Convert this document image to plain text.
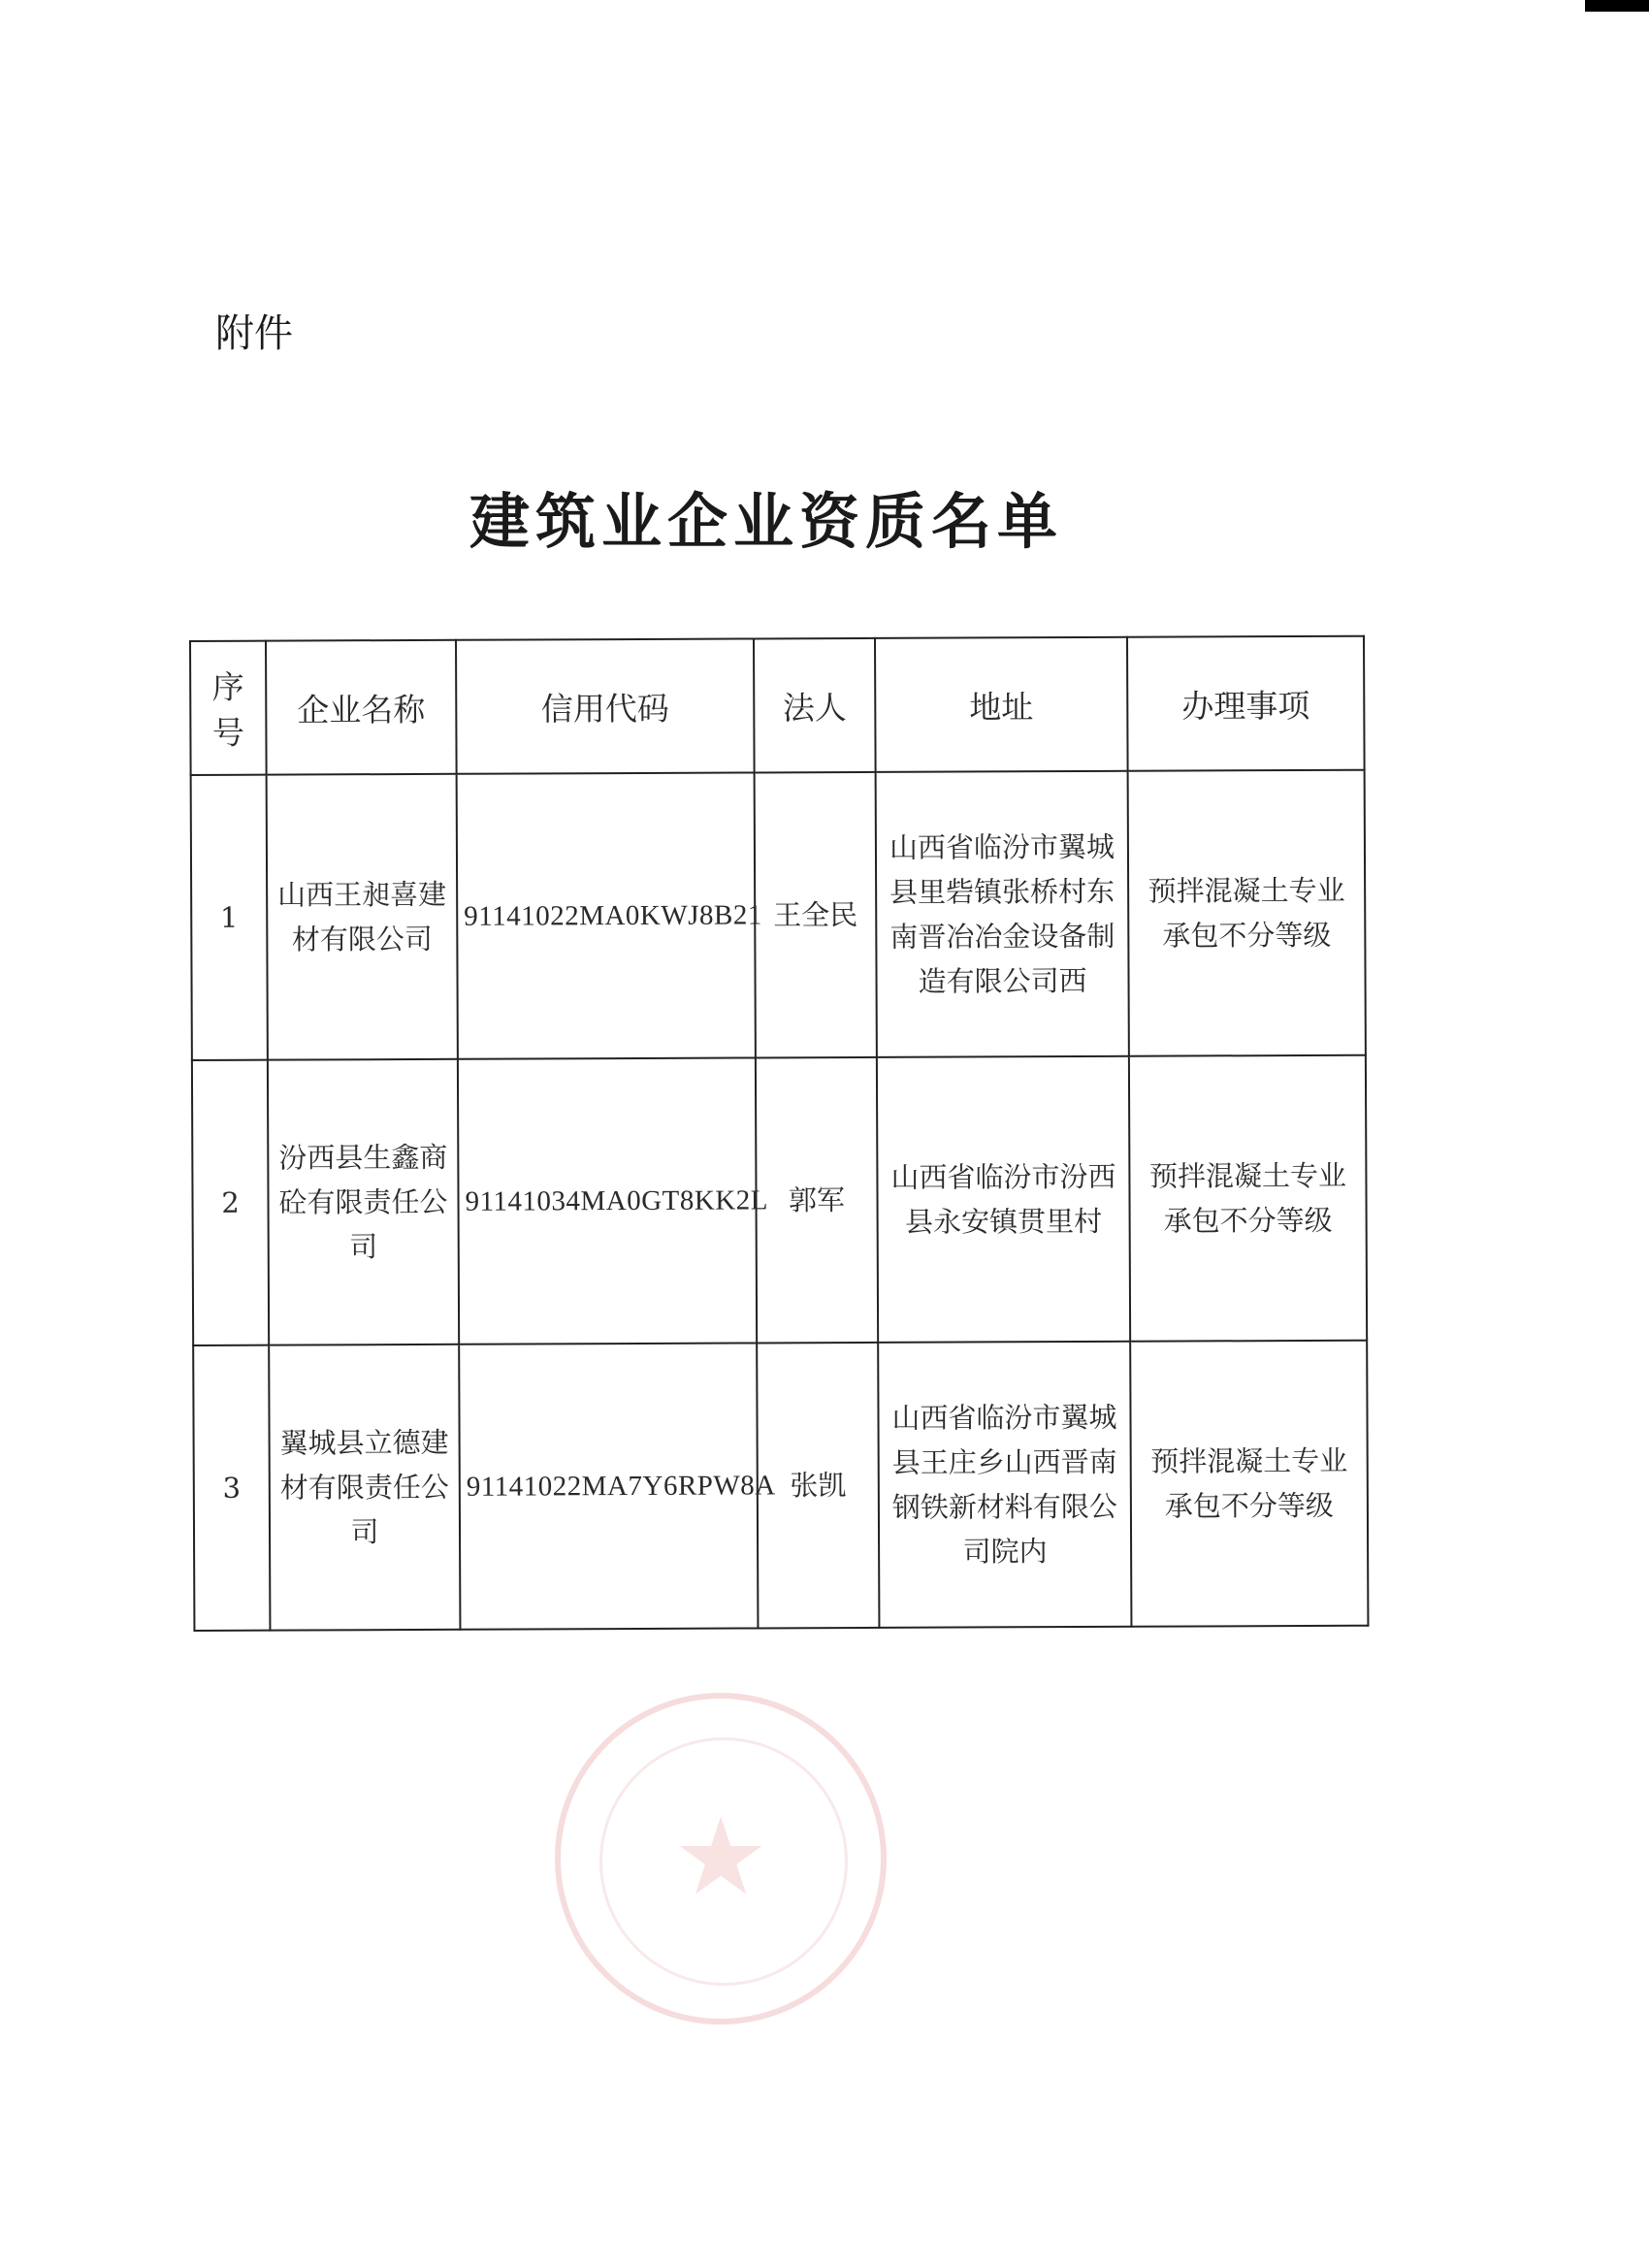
附件
建筑业企业资质名单
序号	企业名称	信用代码	法人	地址	办理事项
1	山西王昶喜建材有限公司	91141022MA0KWJ8B21	王全民	山西省临汾市翼城县里砦镇张桥村东南晋冶冶金设备制造有限公司西	预拌混凝土专业承包不分等级
2	汾西县生鑫商砼有限责任公司	91141034MA0GT8KK2L	郭军	山西省临汾市汾西县永安镇贯里村	预拌混凝土专业承包不分等级
3	翼城县立德建材有限责任公司	91141022MA7Y6RPW8A	张凯	山西省临汾市翼城县王庄乡山西晋南钢铁新材料有限公司院内	预拌混凝土专业承包不分等级
★
